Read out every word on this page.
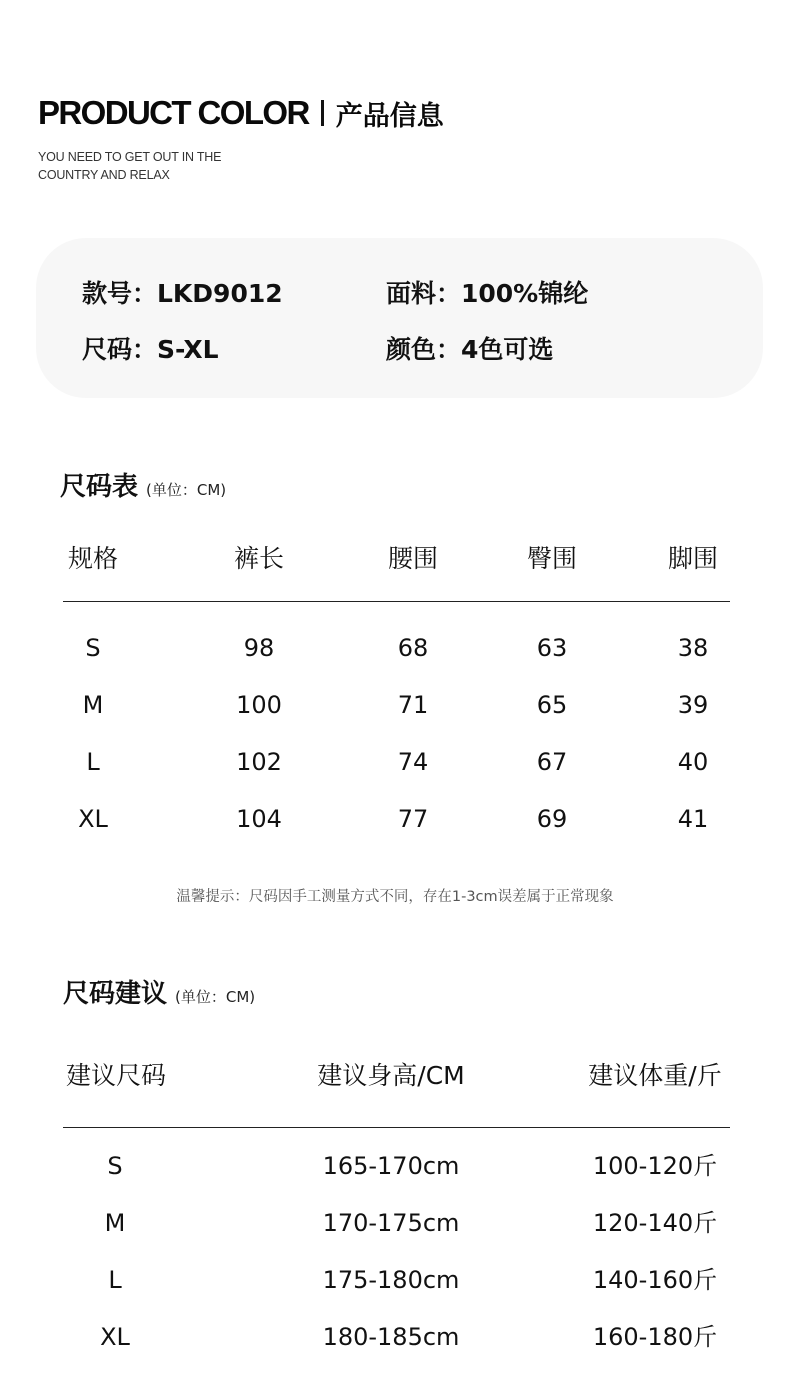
PRODUCT COLOR 产品信息
YOU NEED TO GET OUT IN THE
COUNTRY AND RELAX
款号：LKD9012	面料：100%锦纶
尺码：S-XL	颜色：4色可选
尺码表 (单位：CM)
规格	裤长	腰围	臀围	脚围
S	98	68	63	38
M	100	71	65	39
L	102	74	67	40
XL	104	77	69	41
温馨提示：尺码因手工测量方式不同，存在1-3cm误差属于正常现象
尺码建议 (单位：CM)
建议尺码	建议身高/CM	建议体重/斤
S	165-170cm	100-120斤
M	170-175cm	120-140斤
L	175-180cm	140-160斤
XL	180-185cm	160-180斤
